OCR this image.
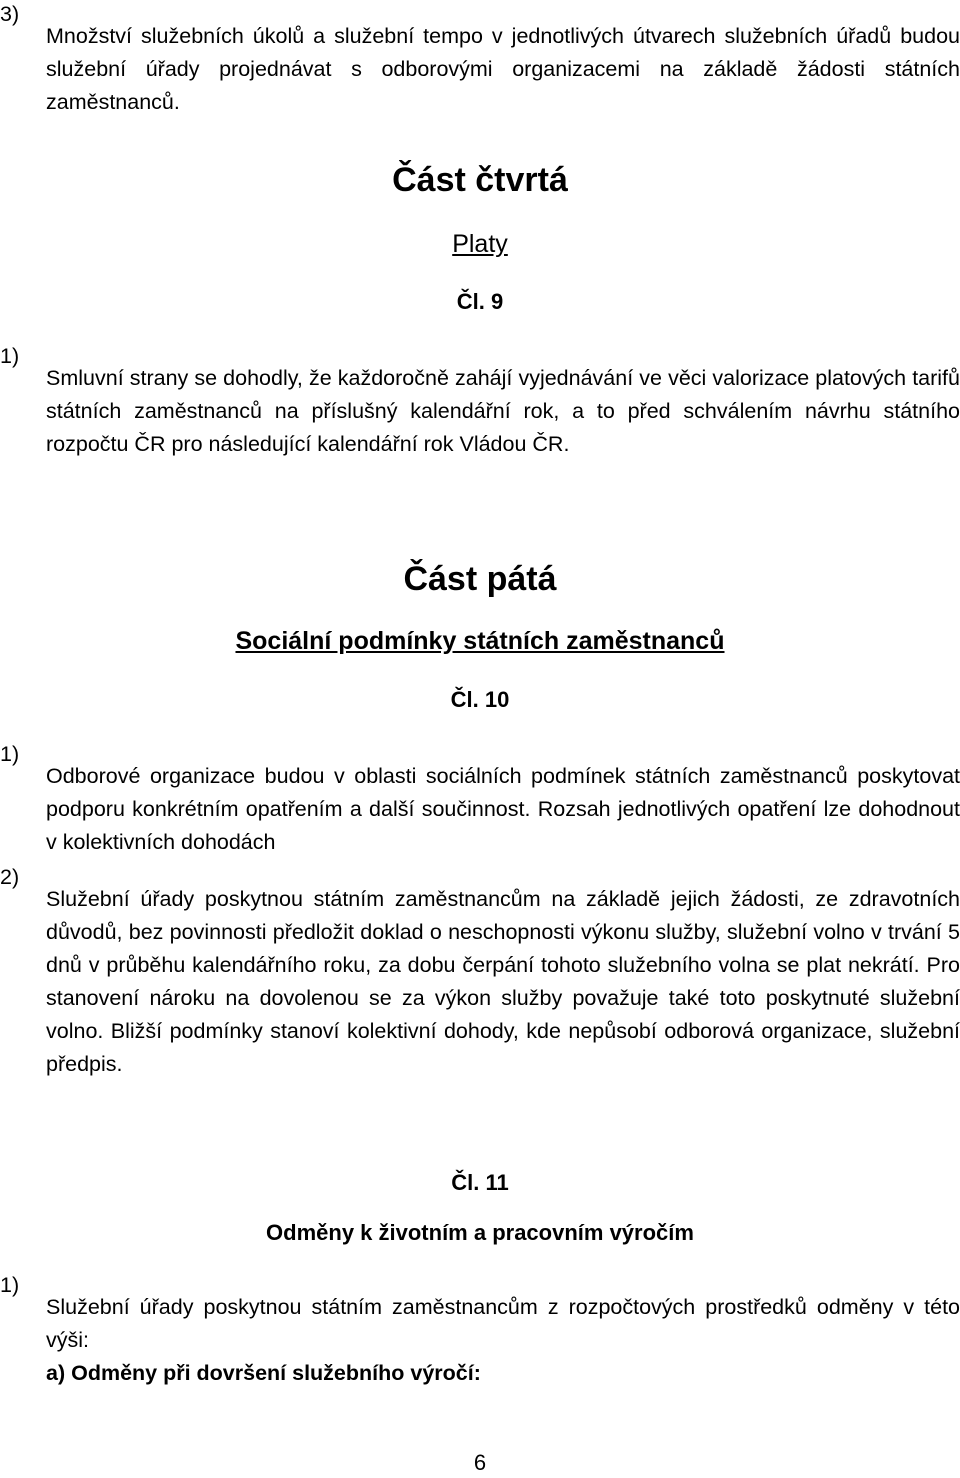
3)

Množství služebních úkolů a služební tempo v jednotlivých útvarech služebních úřadů budou služební úřady projednávat s odborovými organizacemi na základě žádosti státních zaměstnanců.

Část čtvrtá
Platy
Čl. 9
1)

Smluvní strany se dohodly, že každoročně zahájí vyjednávání ve věci valorizace platových tarifů státních zaměstnanců na příslušný kalendářní rok, a to před schválením návrhu státního rozpočtu ČR pro následující kalendářní rok Vládou ČR.

Část pátá
Sociální podmínky státních zaměstnanců
Čl. 10
1)

Odborové organizace budou v oblasti sociálních podmínek státních zaměstnanců poskytovat podporu konkrétním opatřením a další součinnost. Rozsah jednotlivých opatření lze dohodnout v kolektivních dohodách

2)

Služební úřady poskytnou státním zaměstnancům na základě jejich žádosti, ze zdravotních důvodů, bez povinnosti předložit doklad o neschopnosti výkonu služby, služební volno v trvání 5 dnů v průběhu kalendářního roku, za dobu čerpání tohoto služebního volna se plat nekrátí. Pro stanovení nároku na dovolenou se za výkon služby považuje také toto poskytnuté služební volno. Bližší podmínky stanoví kolektivní dohody, kde nepůsobí odborová organizace, služební předpis.

Čl. 11
Odměny k životním a pracovním výročím
1)

Služební úřady poskytnou státním zaměstnancům z rozpočtových prostředků odměny v této výši:

a) Odměny při dovršení služebního výročí:
6
